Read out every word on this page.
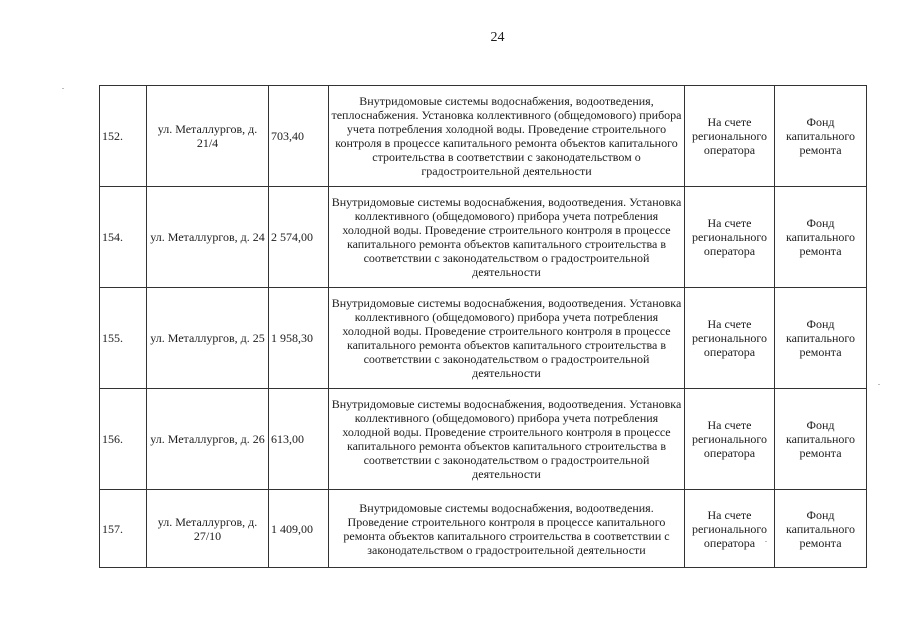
24
152.	ул. Металлургов, д. 21/4	703,40	Внутридомовые системы водоснабжения, водоотведения, теплоснабжения. Установка коллективного (общедомового) прибора учета потребления холодной воды. Проведение строительного контроля в процессе капитального ремонта объектов капитального строительства в соответствии с законодательством о градостроительной деятельности	На счете регионального оператора	Фонд капитального ремонта
154.	ул. Металлургов, д. 24	2 574,00	Внутридомовые системы водоснабжения, водоотведения. Установка коллективного (общедомового) прибора учета потребления холодной воды. Проведение строительного контроля в процессе капитального ремонта объектов капитального строительства в соответствии с законодательством о градостроительной деятельности	На счете регионального оператора	Фонд капитального ремонта
155.	ул. Металлургов, д. 25	1 958,30	Внутридомовые системы водоснабжения, водоотведения. Установка коллективного (общедомового) прибора учета потребления холодной воды. Проведение строительного контроля в процессе капитального ремонта объектов капитального строительства в соответствии с законодательством о градостроительной деятельности	На счете регионального оператора	Фонд капитального ремонта
156.	ул. Металлургов, д. 26	613,00	Внутридомовые системы водоснабжения, водоотведения. Установка коллективного (общедомового) прибора учета потребления холодной воды. Проведение строительного контроля в процессе капитального ремонта объектов капитального строительства в соответствии с законодательством о градостроительной деятельности	На счете регионального оператора	Фонд капитального ремонта
157.	ул. Металлургов, д. 27/10	1 409,00	Внутридомовые системы водоснабжения, водоотведения. Проведение строительного контроля в процессе капитального ремонта объектов капитального строительства в соответствии с законодательством о градостроительной деятельности	На счете регионального оператора	Фонд капитального ремонта
